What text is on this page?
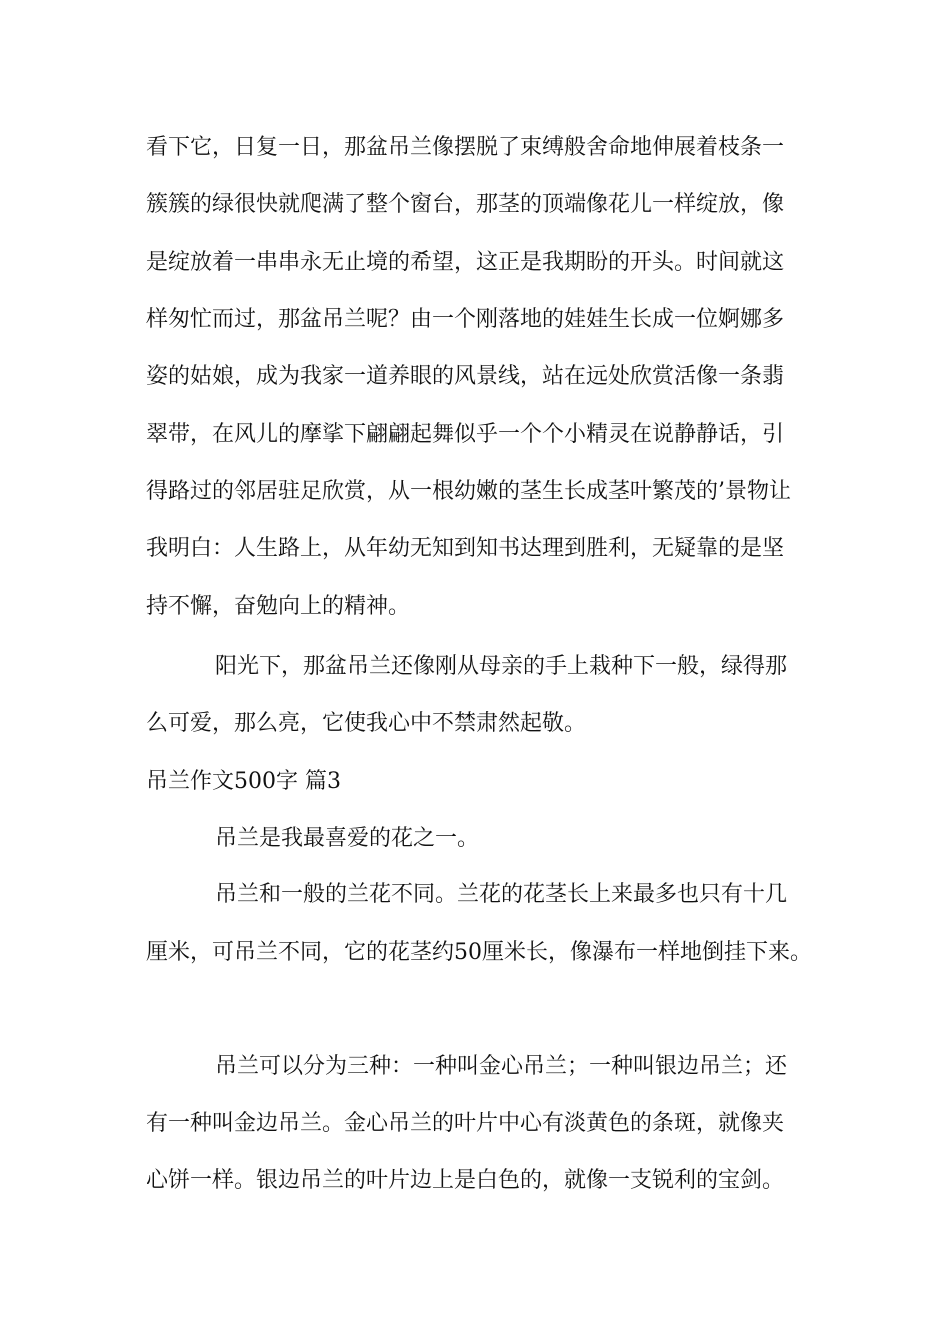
看下它，日复一日，那盆吊兰像摆脱了束缚般舍命地伸展着枝条一

簇簇的绿很快就爬满了整个窗台，那茎的顶端像花儿一样绽放，像

是绽放着一串串永无止境的希望，这正是我期盼的开头。时间就这

样匆忙而过，那盆吊兰呢？由一个刚落地的娃娃生长成一位婀娜多

姿的姑娘，成为我家一道养眼的风景线，站在远处欣赏活像一条翡

翠带，在风儿的摩挲下翩翩起舞似乎一个个小精灵在说静静话，引

得路过的邻居驻足欣赏，从一根幼嫩的茎生长成茎叶繁茂的’景物让

我明白：人生路上，从年幼无知到知书达理到胜利，无疑靠的是坚

持不懈，奋勉向上的精神。

阳光下，那盆吊兰还像刚从母亲的手上栽种下一般，绿得那

么可爱，那么亮，它使我心中不禁肃然起敬。

吊兰作文500字 篇3

吊兰是我最喜爱的花之一。

吊兰和一般的兰花不同。兰花的花茎长上来最多也只有十几

厘米，可吊兰不同，它的花茎约50厘米长，像瀑布一样地倒挂下来。

吊兰可以分为三种：一种叫金心吊兰；一种叫银边吊兰；还

有一种叫金边吊兰。金心吊兰的叶片中心有淡黄色的条斑，就像夹

心饼一样。银边吊兰的叶片边上是白色的，就像一支锐利的宝剑。
